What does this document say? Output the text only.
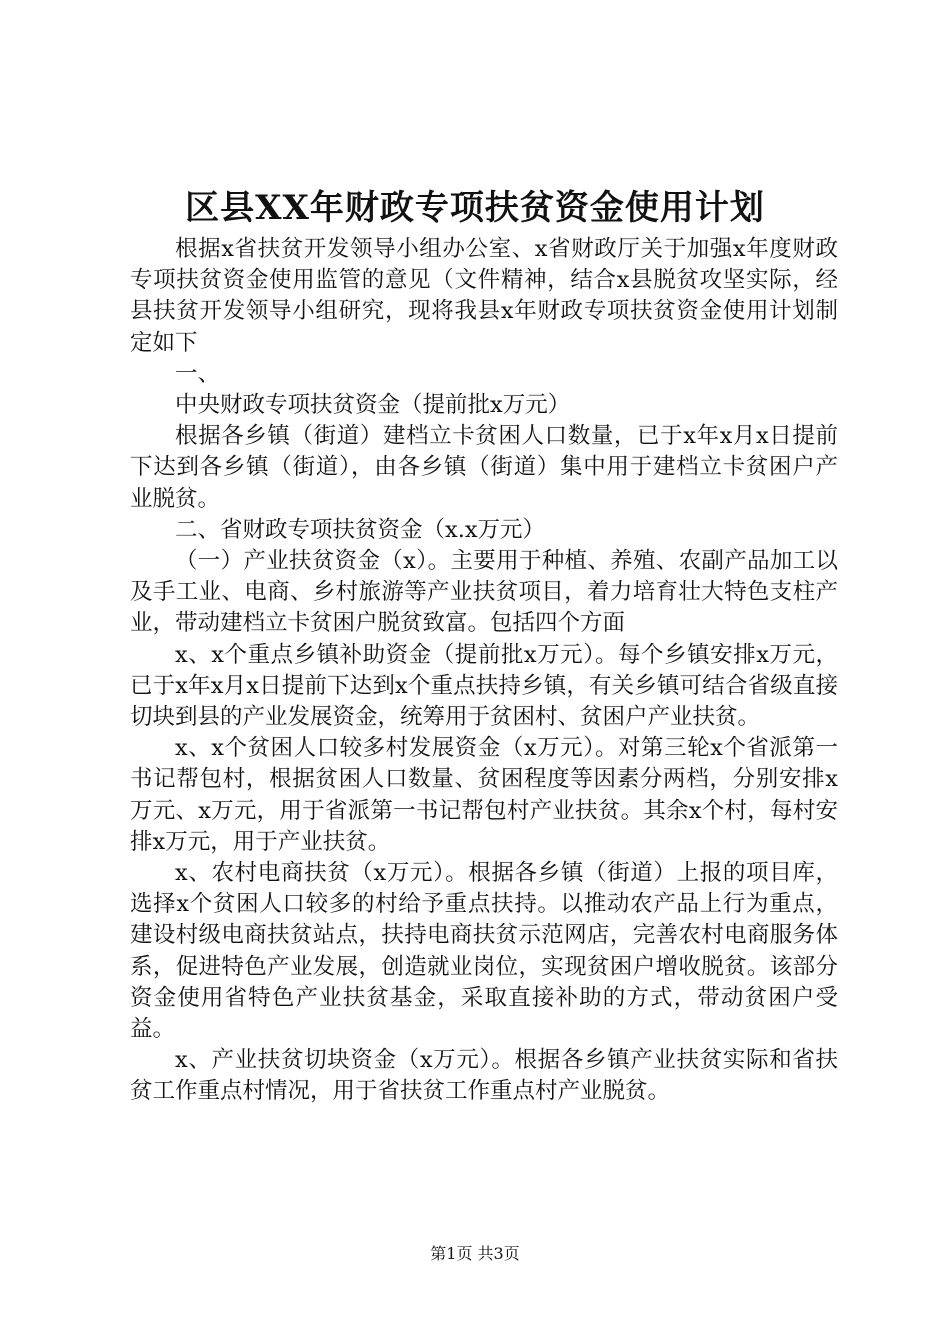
区县XX年财政专项扶贫资金使用计划

根据x省扶贫开发领导小组办公室、x省财政厅关于加强x年度财政专项扶贫资金使用监管的意见（文件精神，结合x县脱贫攻坚实际，经县扶贫开发领导小组研究，现将我县x年财政专项扶贫资金使用计划制定如下

一、

中央财政专项扶贫资金（提前批x万元）

根据各乡镇（街道）建档立卡贫困人口数量，已于x年x月x日提前下达到各乡镇（街道），由各乡镇（街道）集中用于建档立卡贫困户产业脱贫。

二、省财政专项扶贫资金（x.x万元）

（一）产业扶贫资金（x）。主要用于种植、养殖、农副产品加工以及手工业、电商、乡村旅游等产业扶贫项目，着力培育壮大特色支柱产业，带动建档立卡贫困户脱贫致富。包括四个方面

x、x个重点乡镇补助资金（提前批x万元）。每个乡镇安排x万元，已于x年x月x日提前下达到x个重点扶持乡镇，有关乡镇可结合省级直接切块到县的产业发展资金，统筹用于贫困村、贫困户产业扶贫。

x、x个贫困人口较多村发展资金（x万元）。对第三轮x个省派第一书记帮包村，根据贫困人口数量、贫困程度等因素分两档，分别安排x万元、x万元，用于省派第一书记帮包村产业扶贫。其余x个村，每村安排x万元，用于产业扶贫。

x、农村电商扶贫（x万元）。根据各乡镇（街道）上报的项目库，选择x个贫困人口较多的村给予重点扶持。以推动农产品上行为重点，建设村级电商扶贫站点，扶持电商扶贫示范网店，完善农村电商服务体系，促进特色产业发展，创造就业岗位，实现贫困户增收脱贫。该部分资金使用省特色产业扶贫基金，采取直接补助的方式，带动贫困户受益。

x、产业扶贫切块资金（x万元）。根据各乡镇产业扶贫实际和省扶贫工作重点村情况，用于省扶贫工作重点村产业脱贫。

第1页 共3页
